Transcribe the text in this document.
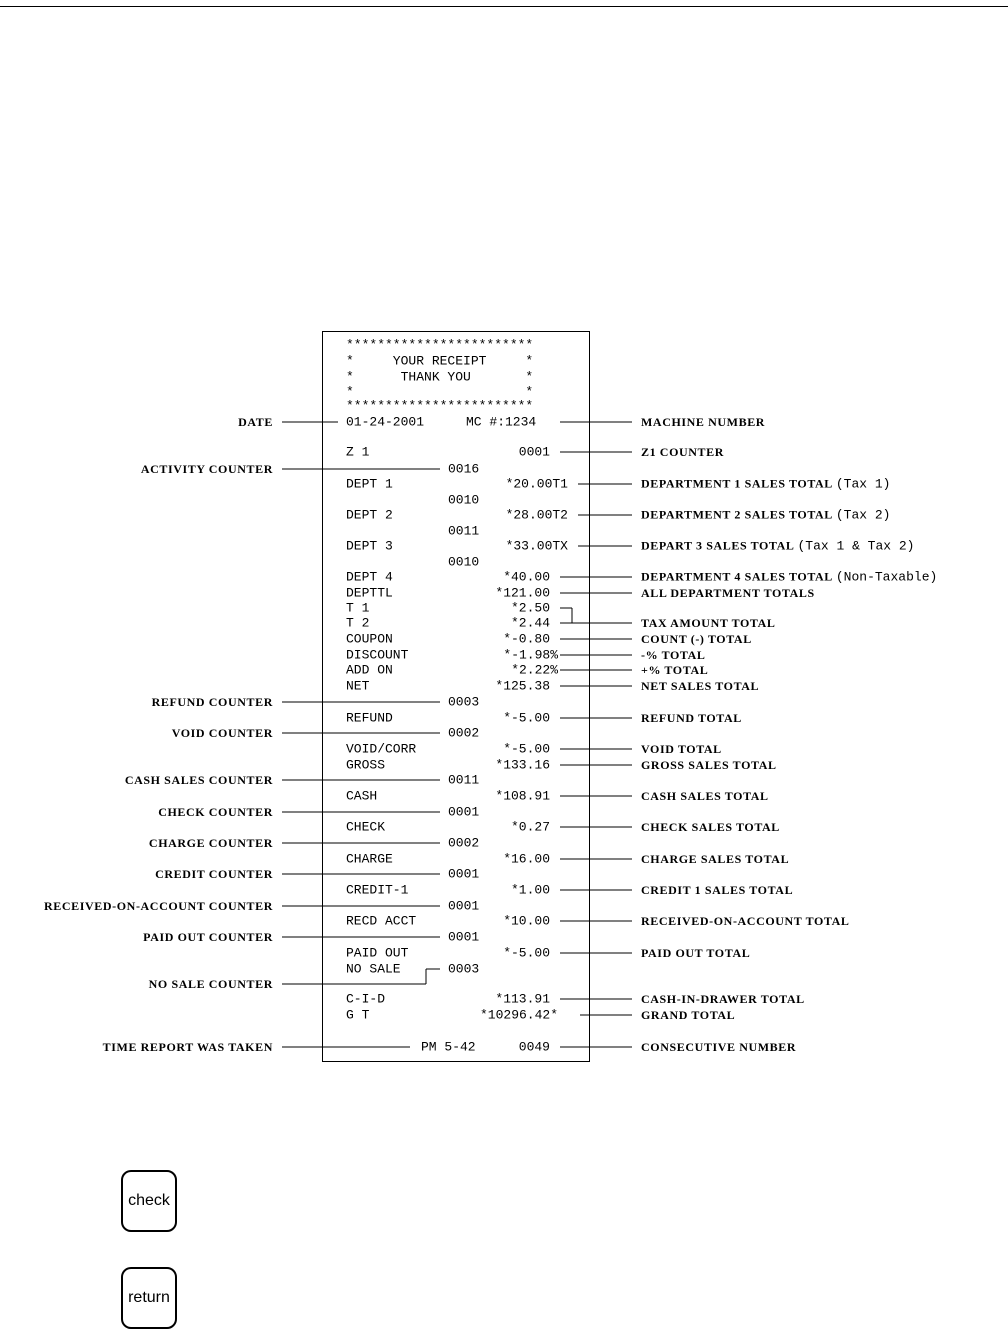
************************
*     YOUR RECEIPT     *
*      THANK YOU       *
*                      *
************************
01-24-2001	MC #:1234
Z 1	0001
0016
DEPT 1	*20.00T1
0010
DEPT 2	*28.00T2
0011
DEPT 3	*33.00TX
0010
DEPT 4	*40.00
DEPTTL	*121.00
T 1	*2.50
T 2	*2.44
COUPON	*-0.80
DISCOUNT	*-1.98%
ADD ON	*2.22%
NET	*125.38
0003
REFUND	*-5.00
0002
VOID/CORR	*-5.00
GROSS	*133.16
0011
CASH	*108.91
0001
CHECK	*0.27
0002
CHARGE	*16.00
0001
CREDIT-1	*1.00
0001
RECD ACCT	*10.00
0001
PAID OUT	*-5.00
NO SALE	0003
C-I-D	*113.91
G T	*10296.42*
PM 5-42	0049
DATE
ACTIVITY COUNTER
REFUND COUNTER
VOID COUNTER
CASH SALES COUNTER
CHECK COUNTER
CHARGE COUNTER
CREDIT COUNTER
RECEIVED-ON-ACCOUNT COUNTER
PAID OUT COUNTER
NO SALE COUNTER
TIME REPORT WAS TAKEN
MACHINE NUMBER
Z1 COUNTER
DEPARTMENT 1 SALES TOTAL (Tax 1)
DEPARTMENT 2 SALES TOTAL (Tax 2)
DEPART 3 SALES TOTAL (Tax 1 & Tax 2)
DEPARTMENT 4 SALES TOTAL (Non-Taxable)
ALL DEPARTMENT TOTALS
TAX AMOUNT TOTAL
COUNT (-) TOTAL
-% TOTAL
+% TOTAL
NET SALES TOTAL
REFUND TOTAL
VOID TOTAL
GROSS SALES TOTAL
CASH SALES TOTAL
CHECK SALES TOTAL
CHARGE SALES TOTAL
CREDIT 1 SALES TOTAL
RECEIVED-ON-ACCOUNT TOTAL
PAID OUT TOTAL
CASH-IN-DRAWER TOTAL
GRAND TOTAL
CONSECUTIVE NUMBER
check
return
